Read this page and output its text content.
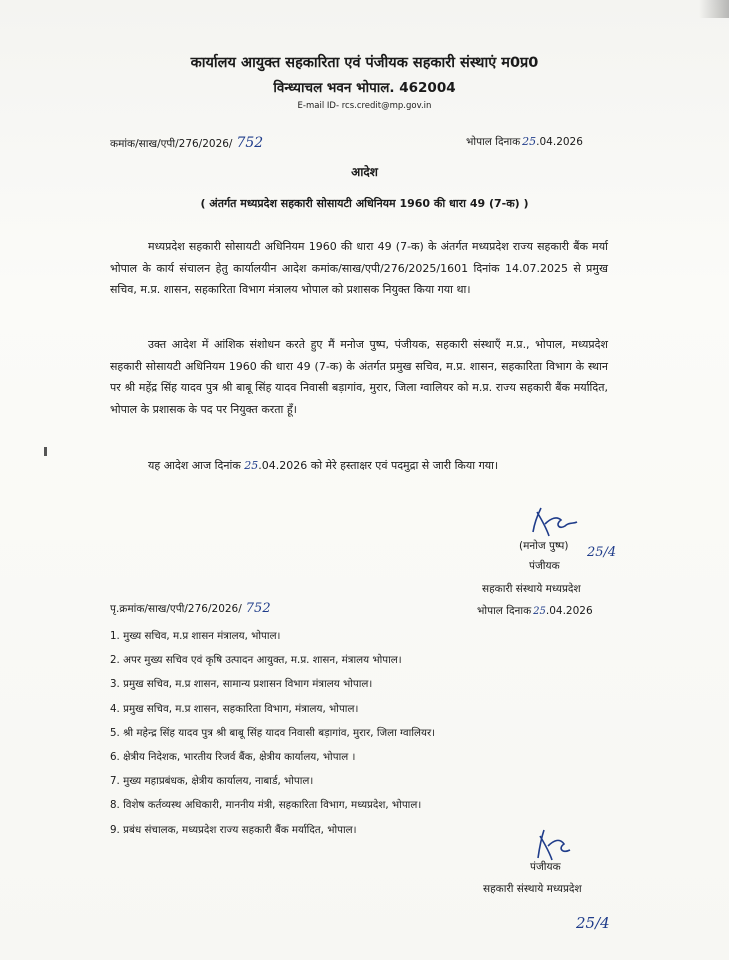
कार्यालय आयुक्त सहकारिता एवं पंजीयक सहकारी संस्थाएं म0प्र0
विन्ध्याचल भवन भोपाल. 462004
E-mail ID- rcs.credit@mp.gov.in
कमांक/साख/एपी/276/2026/ 752	भोपाल दिनाक 25.04.2026
आदेश
( अंतर्गत मध्यप्रदेश सहकारी सोसायटी अधिनियम 1960 की धारा 49 (7-क) )
मध्यप्रदेश सहकारी सोसायटी अधिनियम 1960 की धारा 49 (7-क) के अंतर्गत मध्यप्रदेश राज्य सहकारी बैंक मर्या भोपाल के कार्य संचालन हेतु कार्यालयीन आदेश कमांक/साख/एपी/276/2025/1601 दिनांक 14.07.2025 से प्रमुख सचिव, म.प्र. शासन, सहकारिता विभाग मंत्रालय भोपाल को प्रशासक नियुक्त किया गया था।
उक्त आदेश में आंशिक संशोधन करते हुए मैं मनोज पुष्प, पंजीयक, सहकारी संस्थाएँ म.प्र., भोपाल, मध्यप्रदेश सहकारी सोसायटी अधिनियम 1960 की धारा 49 (7-क) के अंतर्गत प्रमुख सचिव, म.प्र. शासन, सहकारिता विभाग के स्थान पर श्री महेंद्र सिंह यादव पुत्र श्री बाबू सिंह यादव निवासी बड़ागांव, मुरार, जिला ग्वालियर को म.प्र. राज्य सहकारी बैंक मर्यादित, भोपाल के प्रशासक के पद पर नियुक्त करता हूँ।
यह आदेश आज दिनांक 25.04.2026 को मेरे हस्ताक्षर एवं पदमुद्रा से जारी किया गया।
(मनोज पुष्प) 25/4
पंजीयक
सहकारी संस्थाये मध्यप्रदेश
पृ.क्रमांक/साख/एपी/276/2026/ 752	भोपाल दिनाक 25.04.2026
1. मुख्य सचिव, म.प्र शासन मंत्रालय, भोपाल।
2. अपर मुख्य सचिव एवं कृषि उत्पादन आयुक्त, म.प्र. शासन, मंत्रालय भोपाल।
3. प्रमुख सचिव, म.प्र शासन, सामान्य प्रशासन विभाग मंत्रालय भोपाल।
4. प्रमुख सचिव, म.प्र शासन, सहकारिता विभाग, मंत्रालय, भोपाल।
5. श्री महेन्द्र सिंह यादव पुत्र श्री बाबू सिंह यादव निवासी बड़ागांव, मुरार, जिला ग्वालियर।
6. क्षेत्रीय निदेशक, भारतीय रिजर्व बैंक, क्षेत्रीय कार्यालय, भोपाल ।
7. मुख्य महाप्रबंधक, क्षेत्रीय कार्यालय, नाबार्ड, भोपाल।
8. विशेष कर्तव्यस्थ अधिकारी, माननीय मंत्री, सहकारिता विभाग, मध्यप्रदेश, भोपाल।
9. प्रबंध संचालक, मध्यप्रदेश राज्य सहकारी बैंक मर्यादित, भोपाल।
पंजीयक
सहकारी संस्थाये मध्यप्रदेश
25/4
